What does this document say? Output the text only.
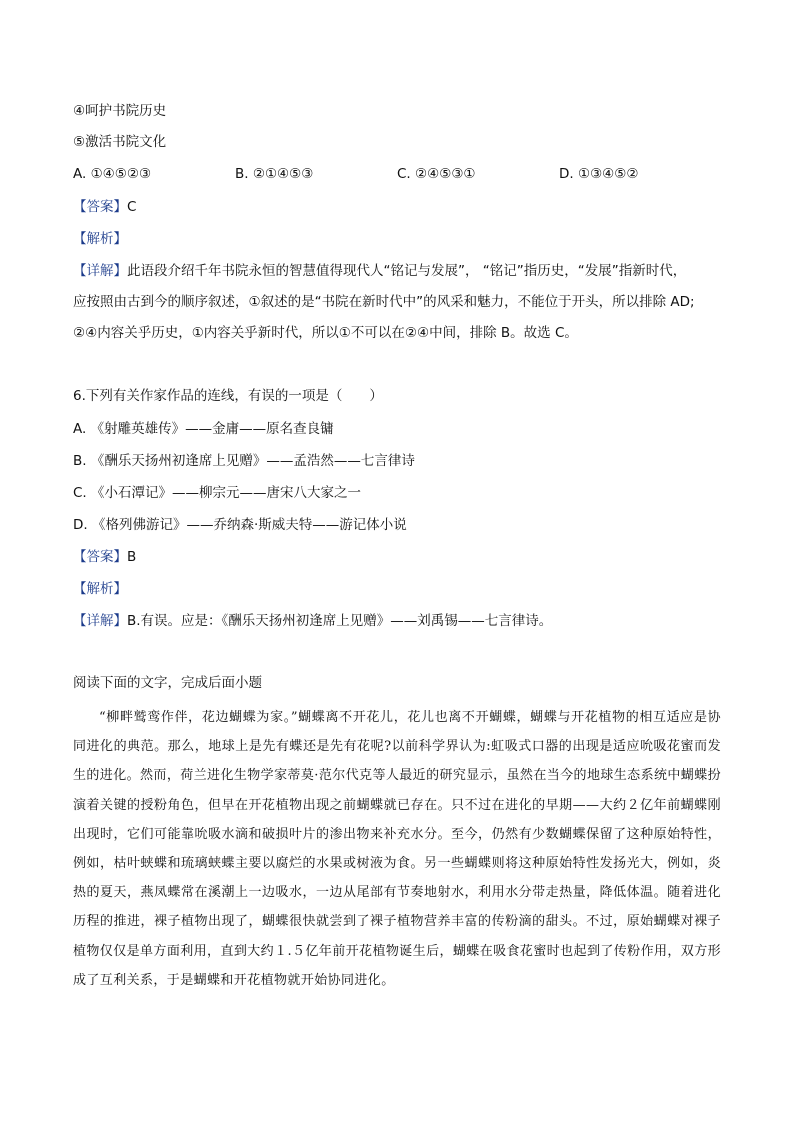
④呵护书院历史
⑤激活书院文化
A. ①④⑤②③	B. ②①④⑤③	C. ②④⑤③①	D. ①③④⑤②
【答案】C
【解析】
【详解】此语段介绍千年书院永恒的智慧值得现代人“铭记与发展”， “铭记”指历史，“发展”指新时代，
应按照由古到今的顺序叙述，①叙述的是“书院在新时代中”的风采和魅力，不能位于开头，所以排除 AD;
②④内容关乎历史，①内容关乎新时代，所以①不可以在②④中间，排除 B。故选 C。
6.下列有关作家作品的连线，有误的一项是（　　）
A. 《射雕英雄传》——金庸——原名查良镛
B. 《酬乐天扬州初逢席上见赠》——孟浩然——七言律诗
C. 《小石潭记》——柳宗元——唐宋八大家之一
D. 《格列佛游记》——乔纳森·斯威夫特——游记体小说
【答案】B
【解析】
【详解】B.有误。应是：《酬乐天扬州初逢席上见赠》——刘禹锡——七言律诗。
阅读下面的文字，完成后面小题

“柳畔鹫鸾作伴，花边蝴蝶为家。”蝴蝶离不开花儿，花儿也离不开蝴蝶，蝴蝶与开花植物的相互适应是协同进化的典范。那么，地球上是先有蝶还是先有花呢?以前科学界认为:虹吸式口器的出现是适应吮吸花蜜而发生的进化。然而，荷兰进化生物学家蒂莫·范尔代克等人最近的研究显示，虽然在当今的地球生态系统中蝴蝶扮演着关键的授粉角色，但早在开花植物出现之前蝴蝶就已存在。只不过在进化的早期——大约２亿年前蝴蝶刚出现时，它们可能靠吮吸水滴和破损叶片的渗出物来补充水分。至今，仍然有少数蝴蝶保留了这种原始特性，例如，枯叶蛱蝶和琉璃蛱蝶主要以腐烂的水果或树液为食。另一些蝴蝶则将这种原始特性发扬光大，例如，炎热的夏天，燕凤蝶常在溪潮上一边吸水，一边从尾部有节奏地射水，利用水分带走热量，降低体温。随着进化历程的推进，裸子植物出现了，蝴蝶很快就尝到了裸子植物营养丰富的传粉滴的甜头。不过，原始蝴蝶对裸子植物仅仅是单方面利用，直到大约１.５亿年前开花植物诞生后，蝴蝶在吸食花蜜时也起到了传粉作用，双方形成了互利关系，于是蝴蝶和开花植物就开始协同进化。
